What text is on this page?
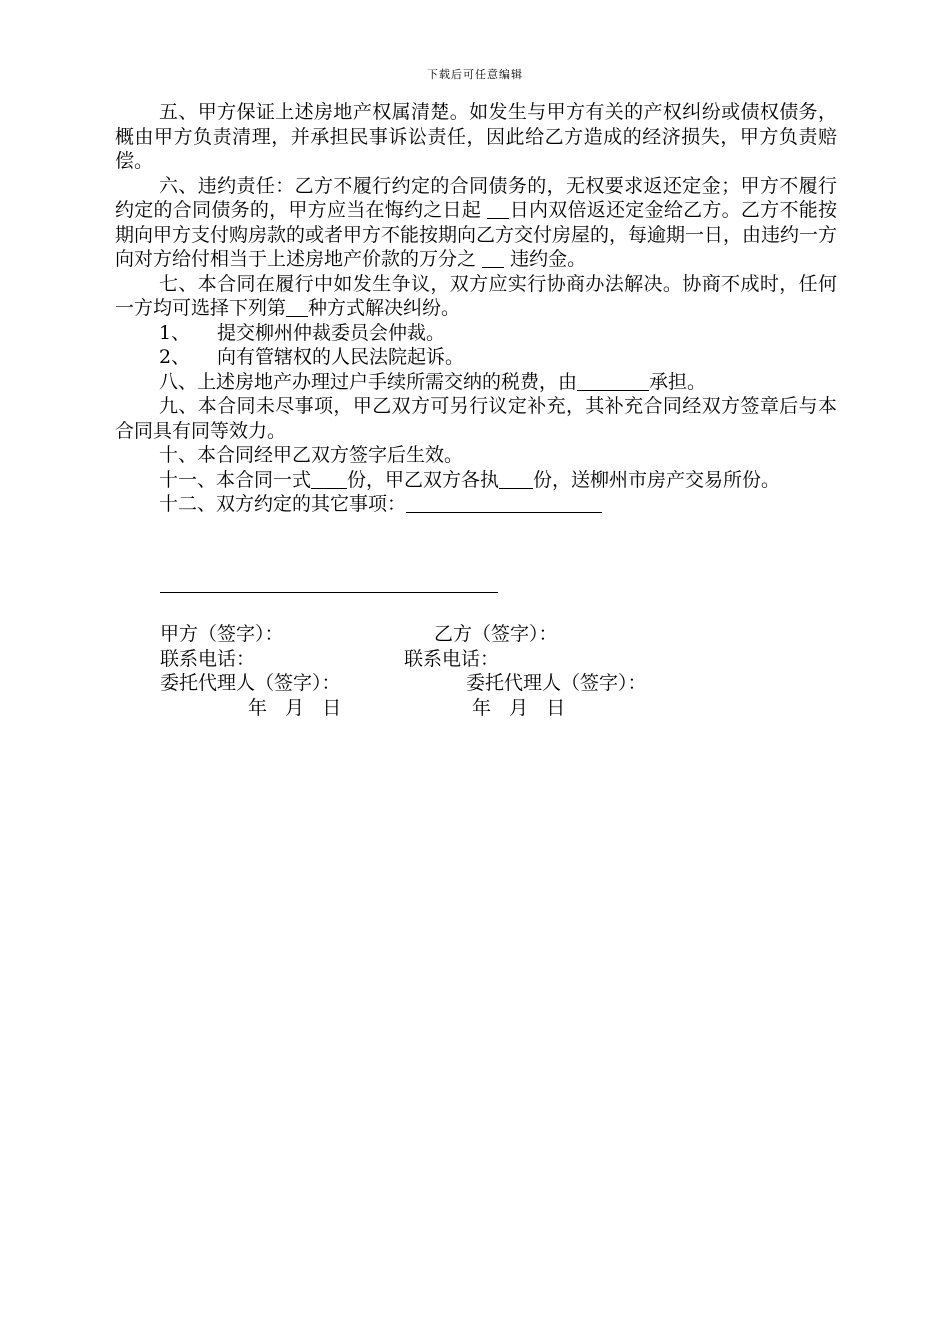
下载后可任意编辑

五、甲方保证上述房地产权属清楚。如发生与甲方有关的产权纠纷或债权债务，概由甲方负责清理，并承担民事诉讼责任，因此给乙方造成的经济损失，甲方负责赔偿。

六、违约责任：乙方不履行约定的合同债务的，无权要求返还定金；甲方不履行约定的合同债务的，甲方应当在悔约之日起 日内双倍返还定金给乙方。乙方不能按期向甲方支付购房款的或者甲方不能按期向乙方交付房屋的，每逾期一日，由违约一方向对方给付相当于上述房地产价款的万分之 违约金。

七、本合同在履行中如发生争议，双方应实行协商办法解决。协商不成时，任何一方均可选择下列第 种方式解决纠纷。

1、 提交柳州仲裁委员会仲裁。

2、 向有管辖权的人民法院起诉。

八、上述房地产办理过户手续所需交纳的税费，由	承担。

九、本合同未尽事项，甲乙双方可另行议定补充，其补充合同经双方签章后与本合同具有同等效力。

十、本合同经甲乙双方签字后生效。

十一、本合同一式 份，甲乙双方各执 份，送柳州市房产交易所份。

十二、双方约定的其它事项：

甲方（签字）：	乙方（签字）：
联系电话：	联系电话：
委托代理人（签字）：	委托代理人（签字）：
年   月   日	年   月   日
